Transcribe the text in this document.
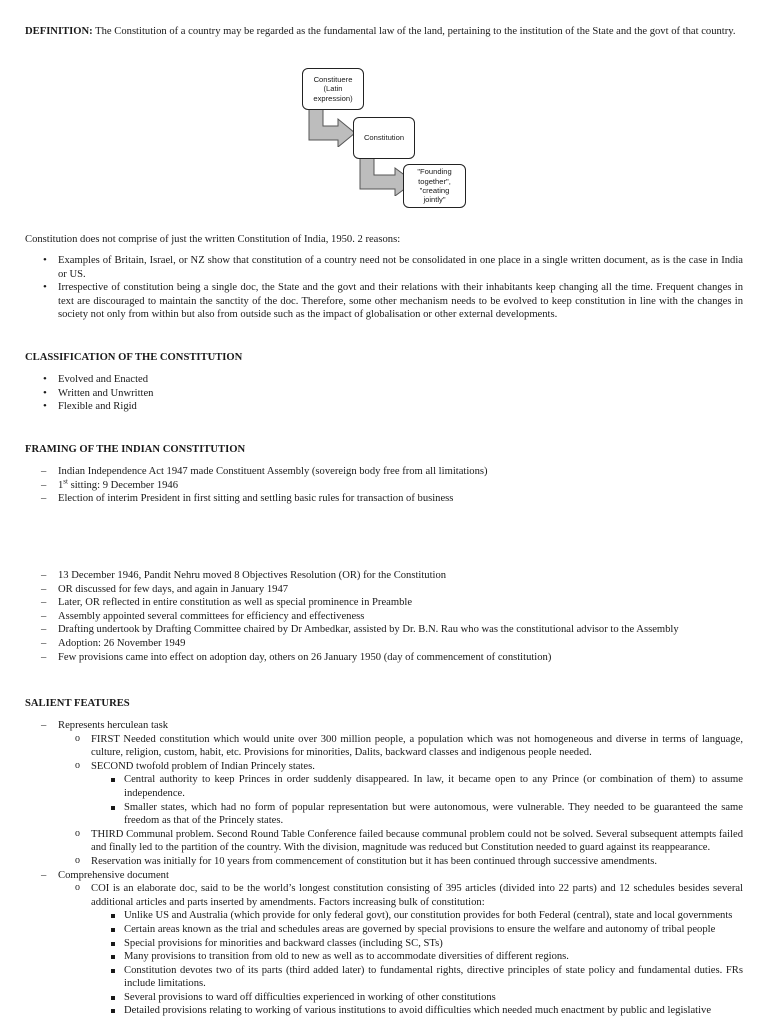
DEFINITION: The Constitution of a country may be regarded as the fundamental law of the land, pertaining to the institution of the State and the govt of that country.

Constituere (Latin expression)
Constitution
"Founding together", "creating jointly"

Constitution does not comprise of just the written Constitution of India, 1950. 2 reasons:

• Examples of Britain, Israel, or NZ show that constitution of a country need not be consolidated in one place in a single written document, as is the case in India or US.
• Irrespective of constitution being a single doc, the State and the govt and their relations with their inhabitants keep changing all the time. Frequent changes in text are discouraged to maintain the sanctity of the doc. Therefore, some other mechanism needs to be evolved to keep constitution in line with the changes in society not only from within but also from outside such as the impact of globalisation or other external developments.

CLASSIFICATION OF THE CONSTITUTION

• Evolved and Enacted
• Written and Unwritten
• Flexible and Rigid

FRAMING OF THE INDIAN CONSTITUTION

– Indian Independence Act 1947 made Constituent Assembly (sovereign body free from all limitations)
– 1st sitting: 9 December 1946
– Election of interim President in first sitting and settling basic rules for transaction of business
– 13 December 1946, Pandit Nehru moved 8 Objectives Resolution (OR) for the Constitution
– OR discussed for few days, and again in January 1947
– Later, OR reflected in entire constitution as well as special prominence in Preamble
– Assembly appointed several committees for efficiency and effectiveness
– Drafting undertook by Drafting Committee chaired by Dr Ambedkar, assisted by Dr. B.N. Rau who was the constitutional advisor to the Assembly
– Adoption: 26 November 1949
– Few provisions came into effect on adoption day, others on 26 January 1950 (day of commencement of constitution)

SALIENT FEATURES

– Represents herculean task
o FIRST Needed constitution which would unite over 300 million people, a population which was not homogeneous and diverse in terms of language, culture, religion, custom, habit, etc. Provisions for minorities, Dalits, backward classes and indigenous people needed.
o SECOND twofold problem of Indian Princely states.
Central authority to keep Princes in order suddenly disappeared. In law, it became open to any Prince (or combination of them) to assume independence.
Smaller states, which had no form of popular representation but were autonomous, were vulnerable. They needed to be guaranteed the same freedom as that of the Princely states.
o THIRD Communal problem. Second Round Table Conference failed because communal problem could not be solved. Several subsequent attempts failed and finally led to the partition of the country. With the division, magnitude was reduced but Constitution needed to guard against its reappearance.
o Reservation was initially for 10 years from commencement of constitution but it has been continued through successive amendments.
– Comprehensive document
o COI is an elaborate doc, said to be the world’s longest constitution consisting of 395 articles (divided into 22 parts) and 12 schedules besides several additional articles and parts inserted by amendments. Factors increasing bulk of constitution:
Unlike US and Australia (which provide for only federal govt), our constitution provides for both Federal (central), state and local governments
Certain areas known as the trial and schedules areas are governed by special provisions to ensure the welfare and autonomy of tribal people
Special provisions for minorities and backward classes (including SC, STs)
Many provisions to transition from old to new as well as to accommodate diversities of different regions.
Constitution devotes two of its parts (third added later) to fundamental rights, directive principles of state policy and fundamental duties. FRs include limitations.
Several provisions to ward off difficulties experienced in working of other constitutions
Detailed provisions relating to working of various institutions to avoid difficulties which needed much enactment by public and legislative
